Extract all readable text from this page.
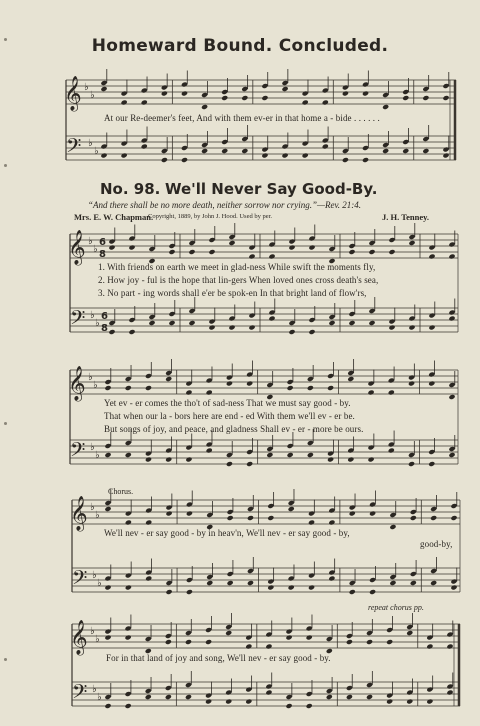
Homeward Bound. Concluded.
𝄞
𝄢
♭
♭
♭
♭
𝄞
𝄢
♭
♭
♭
♭
6
8
6
8
𝄞
𝄢
♭
♭
♭
♭
𝄞
𝄢
♭
♭
♭
♭
𝄞
𝄢
♭
♭
♭
♭
At our Re-deemer's feet, And with them ev-er in that home a - bide . . . . . .
No. 98. We'll Never Say Good-By.
“And there shall be no more death, neither sorrow nor crying.”—Rev. 21:4.
Mrs. E. W. Chapman.
Copyright, 1889, by John J. Hood. Used by per.	J. H. Tenney.
1. With friends on earth we meet in glad-ness While swift the moments fly,
2. How joy - ful is the hope that lin-gers When loved ones cross death's sea,
3. No part - ing words shall e'er be spok-en In that bright land of flow'rs,
Yet ev - er comes the tho't of sad-ness That we must say good - by.
That when our la - bors here are end - ed With them we'll ev - er be.
But songs of joy, and peace, and gladness Shall ev - er - more be ours.
Chorus.
We'll nev - er say good - by in heav'n, We'll nev - er say good - by,
good-by,
repeat chorus pp.
For in that land of joy and song, We'll nev - er say good - by.
